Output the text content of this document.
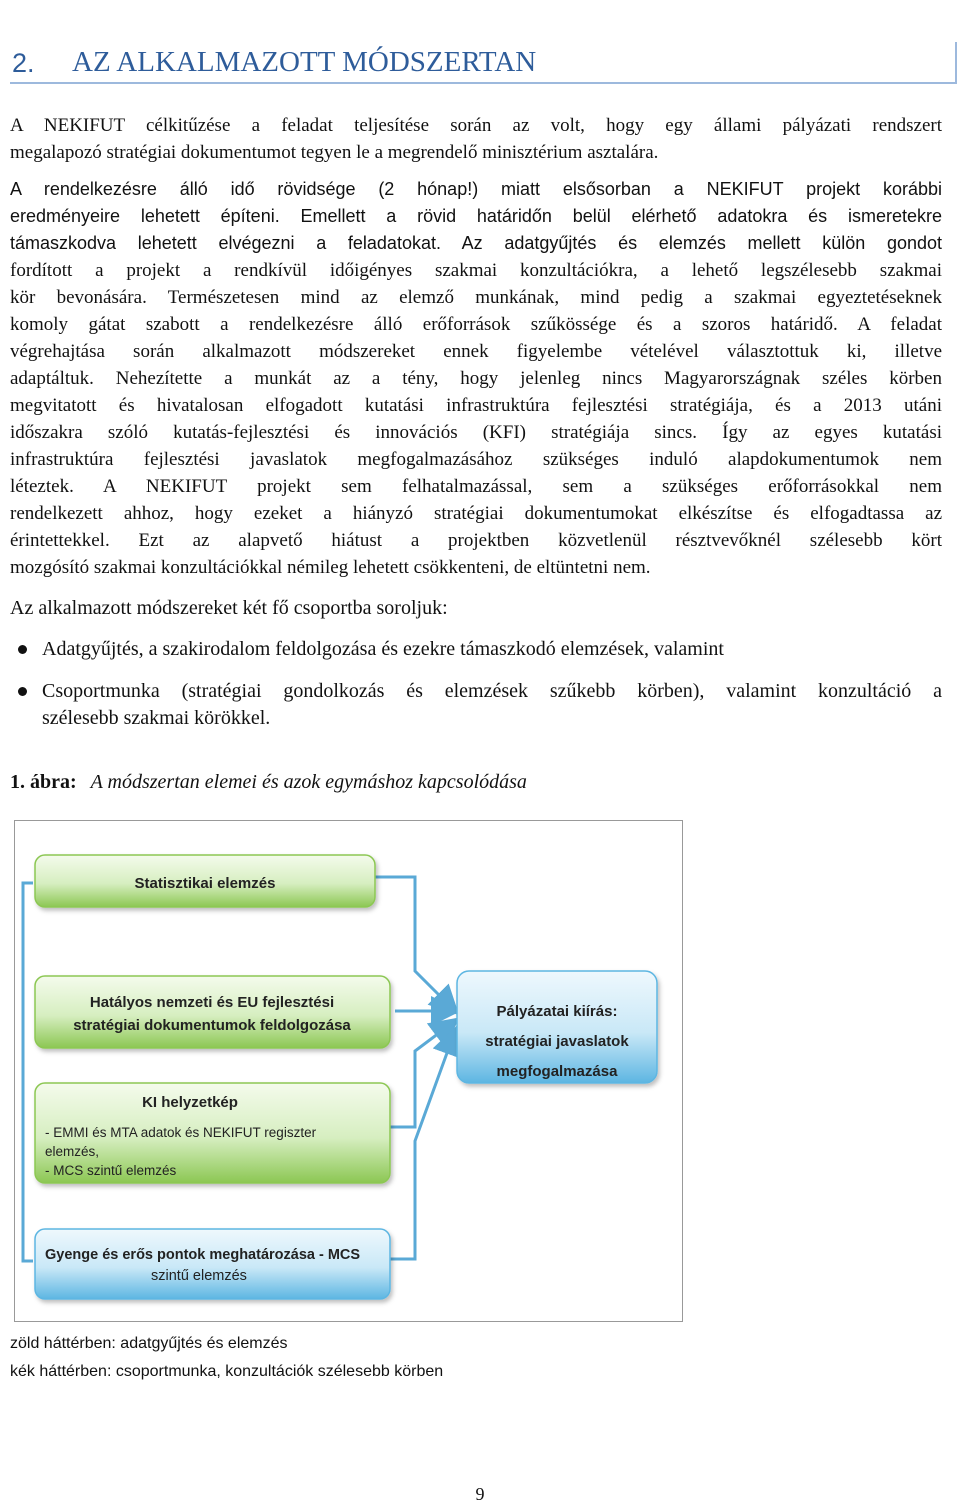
2. AZ ALKALMAZOTT MÓDSZERTAN

A NEKIFUT célkitűzése a feladat teljesítése során az volt, hogy egy állami pályázati rendszert
megalapozó stratégiai dokumentumot tegyen le a megrendelő minisztérium asztalára.

A rendelkezésre álló idő rövidsége (2 hónap!) miatt elsősorban a NEKIFUT projekt korábbi
eredményeire lehetett építeni. Emellett a rövid határidőn belül elérhető adatokra és ismeretekre
támaszkodva lehetett elvégezni a feladatokat. Az adatgyűjtés és elemzés mellett külön gondot

fordított a projekt a rendkívül időigényes szakmai konzultációkra, a lehető legszélesebb szakmai
kör bevonására. Természetesen mind az elemző munkának, mind pedig a szakmai egyeztetéseknek
komoly gátat szabott a rendelkezésre álló erőforrások szűkössége és a szoros határidő. A feladat
végrehajtása során alkalmazott módszereket ennek figyelembe vételével választottuk ki, illetve
adaptáltuk. Nehezítette a munkát az a tény, hogy jelenleg nincs Magyarországnak széles körben
megvitatott és hivatalosan elfogadott kutatási infrastruktúra fejlesztési stratégiája, és a 2013 utáni
időszakra szóló kutatás-fejlesztési és innovációs (KFI) stratégiája sincs. Így az egyes kutatási
infrastruktúra fejlesztési javaslatok megfogalmazásához szükséges induló alapdokumentumok nem
léteztek. A NEKIFUT projekt sem felhatalmazással, sem a szükséges erőforrásokkal nem
rendelkezett ahhoz, hogy ezeket a hiányzó stratégiai dokumentumokat elkészítse és elfogadtassa az
érintettekkel. Ezt az alapvető hiátust a projektben közvetlenül résztvevőknél szélesebb kört
mozgósító szakmai konzultációkkal némileg lehetett csökkenteni, de eltüntetni nem.

Az alkalmazott módszereket két fő csoportba soroljuk:
Adatgyűjtés, a szakirodalom feldolgozása és ezekre támaszkodó elemzések, valamint
Csoportmunka (stratégiai gondolkozás és elemzések szűkebb körben), valamint konzultáció a
szélesebb szakmai körökkel.
1. ábra: A módszertan elemei és azok egymáshoz kapcsolódása
Statisztikai elemzés
Hatályos nemzeti és EU fejlesztési
stratégiai dokumentumok feldolgozása
Pályázatai kiírás:
stratégiai javaslatok
megfogalmazása
KI helyzetkép
- EMMI és MTA adatok és NEKIFUT regiszter
elemzés,
- MCS szintű elemzés
Gyenge és erős pontok meghatározása - MCS
szintű elemzés
zöld háttérben: adatgyűjtés és elemzés
kék háttérben: csoportmunka, konzultációk szélesebb körben
9
